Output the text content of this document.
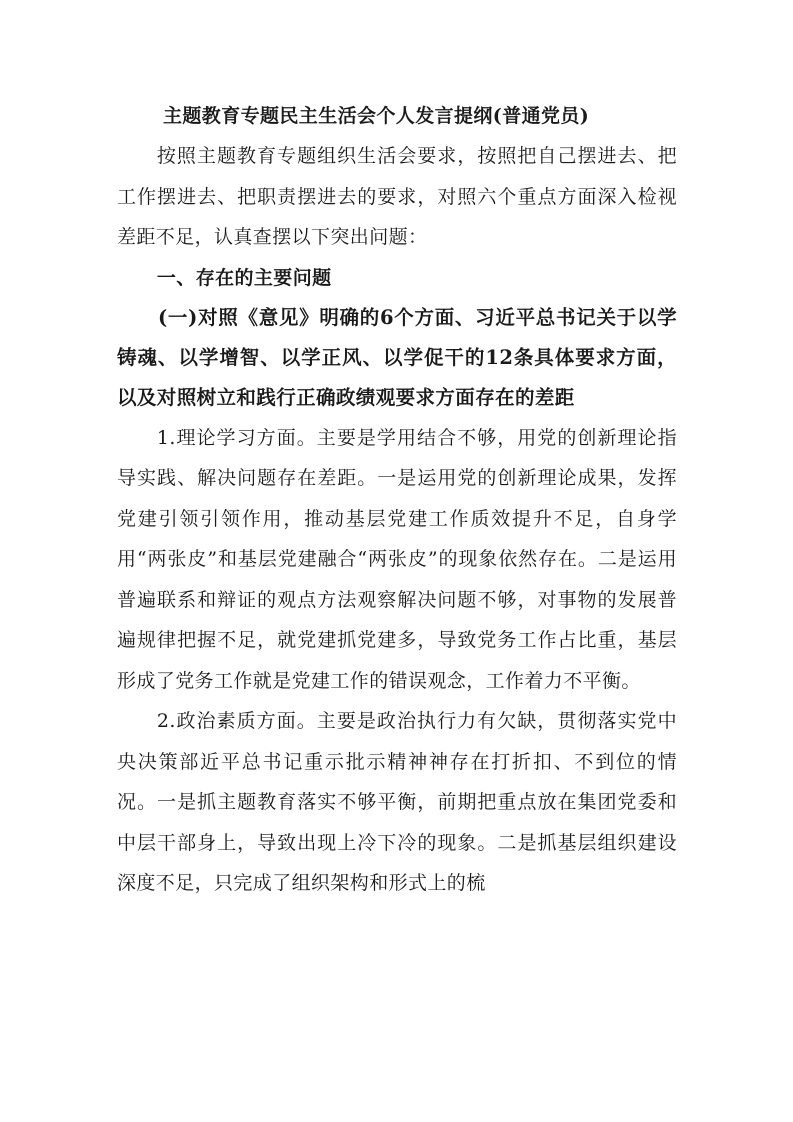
主题教育专题民主生活会个人发言提纲(普通党员)

按照主题教育专题组织生活会要求，按照把自己摆进去、把工作摆进去、把职责摆进去的要求，对照六个重点方面深入检视差距不足，认真查摆以下突出问题：

一、存在的主要问题

(一)对照《意见》明确的6个方面、习近平总书记关于以学铸魂、以学增智、以学正风、以学促干的12条具体要求方面，以及对照树立和践行正确政绩观要求方面存在的差距

1.理论学习方面。主要是学用结合不够，用党的创新理论指导实践、解决问题存在差距。一是运用党的创新理论成果，发挥党建引领引领作用，推动基层党建工作质效提升不足，自身学用“两张皮”和基层党建融合“两张皮”的现象依然存在。二是运用普遍联系和辩证的观点方法观察解决问题不够，对事物的发展普遍规律把握不足，就党建抓党建多，导致党务工作占比重，基层形成了党务工作就是党建工作的错误观念，工作着力不平衡。

2.政治素质方面。主要是政治执行力有欠缺，贯彻落实党中央决策部近平总书记重示批示精神神存在打折扣、不到位的情况。一是抓主题教育落实不够平衡，前期把重点放在集团党委和中层干部身上，导致出现上冷下冷的现象。二是抓基层组织建设深度不足，只完成了组织架构和形式上的梳
